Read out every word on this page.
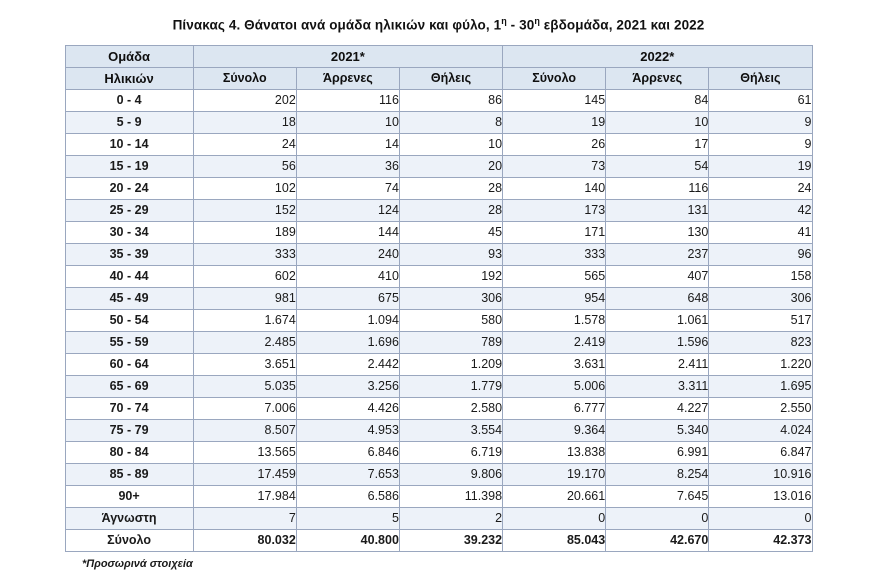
Πίνακας 4. Θάνατοι ανά ομάδα ηλικιών και φύλο, $1^\eta - 30^\eta$ εβδομάδα, 2021 και 2022
Ομάδα	2021*			2022*		
Ηλικιών	Σύνολο	Άρρενες	Θήλεις	Σύνολο	Άρρενες	Θήλεις
0 - 4	202	116	86	145	84	61
5 - 9	18	10	8	19	10	9
10 - 14	24	14	10	26	17	9
15 - 19	56	36	20	73	54	19
20 - 24	102	74	28	140	116	24
25 - 29	152	124	28	173	131	42
30 - 34	189	144	45	171	130	41
35 - 39	333	240	93	333	237	96
40 - 44	602	410	192	565	407	158
45 - 49	981	675	306	954	648	306
50 - 54	1.674	1.094	580	1.578	1.061	517
55 - 59	2.485	1.696	789	2.419	1.596	823
60 - 64	3.651	2.442	1.209	3.631	2.411	1.220
65 - 69	5.035	3.256	1.779	5.006	3.311	1.695
70 - 74	7.006	4.426	2.580	6.777	4.227	2.550
75 - 79	8.507	4.953	3.554	9.364	5.340	4.024
80 - 84	13.565	6.846	6.719	13.838	6.991	6.847
85 - 89	17.459	7.653	9.806	19.170	8.254	10.916
90+	17.984	6.586	11.398	20.661	7.645	13.016
Άγνωστη	7	5	2	0	0	0
Σύνολο	80.032	40.800	39.232	85.043	42.670	42.373
*Προσωρινά στοιχεία
